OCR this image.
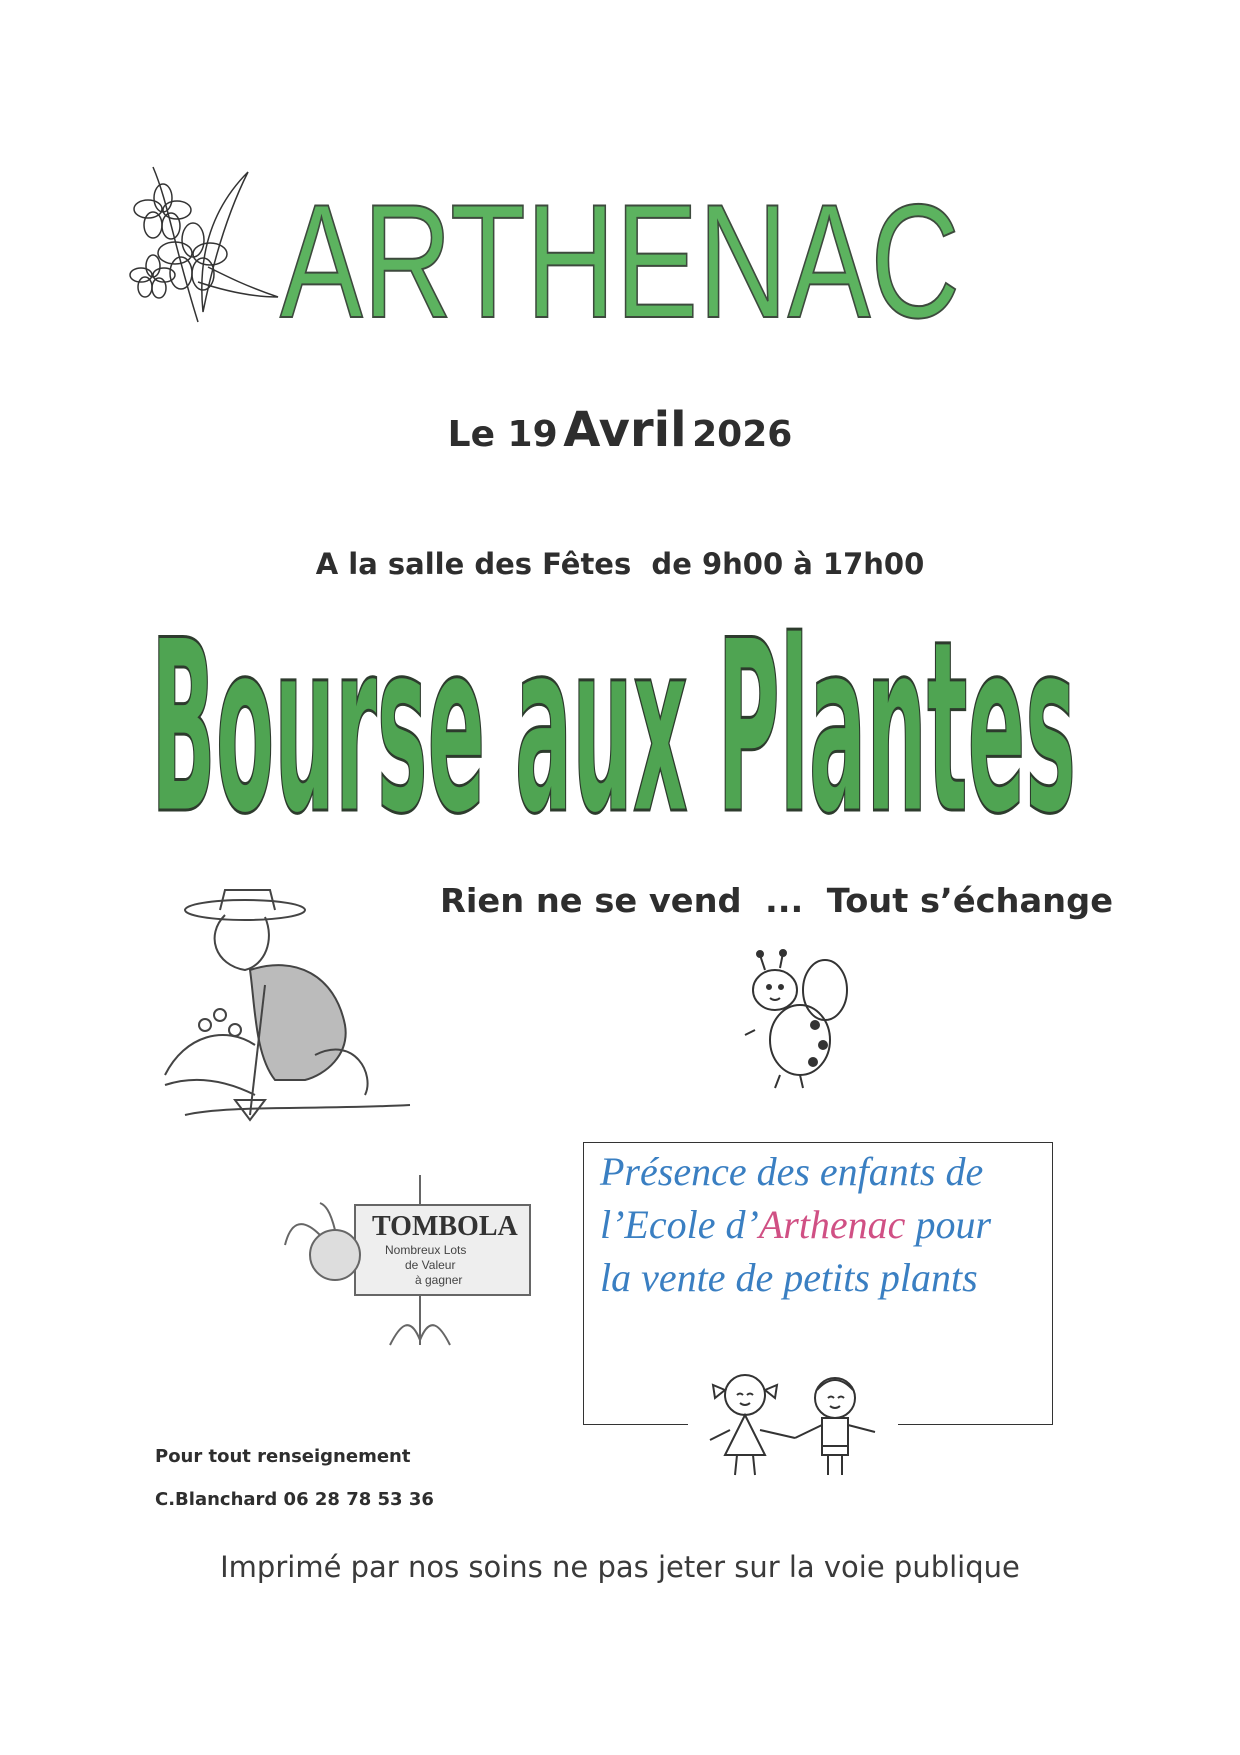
ARTHENAC
Le 19 Avril 2026
A la salle des Fêtes  de 9h00 à 17h00
Bourse aux Plantes
Rien ne se vend  ...  Tout s’échange
TOMBOLA
Nombreux Lots
de Valeur
à gagner
Présence des enfants de
l’Ecole d’Arthenac pour
la vente de petits plants
Pour tout renseignement
C.Blanchard 06 28 78 53 36
Imprimé par nos soins ne pas jeter sur la voie publique
